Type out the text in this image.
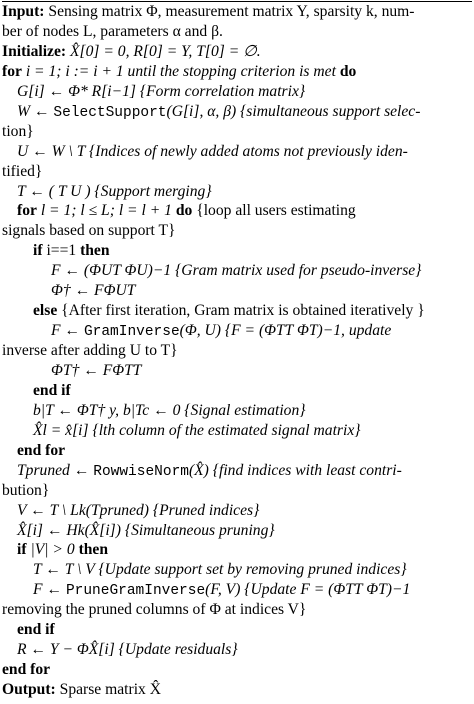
Input: Sensing matrix Φ, measurement matrix Y, sparsity k, num-
ber of nodes L, parameters α and β.
Initialize: X̂[0] = 0, R[0] = Y, T[0] = ∅.
for i = 1; i := i + 1 until the stopping criterion is met do
G[i] ← Φ* R[i−1] {Form correlation matrix}
W ← SelectSupport(G[i], α, β) {simultaneous support selec-
tion}
U ← W \ T {Indices of newly added atoms not previously iden-
tified}
T ← ( T U ) {Support merging}
for l = 1; l ≤ L; l = l + 1 do {loop all users estimating
signals based on support T}
if i==1 then
F ← (ΦUT ΦU)−1 {Gram matrix used for pseudo-inverse}
Φ† ← FΦUT
else {After first iteration, Gram matrix is obtained iteratively }
F ← GramInverse(Φ, U) {F = (ΦTT ΦT)−1, update
inverse after adding U to T}
ΦT† ← FΦTT
end if
b|T ← ΦT† y, b|Tc ← 0 {Signal estimation}
X̂l = x̂[i] {lth column of the estimated signal matrix}
end for
Tpruned ← RowwiseNorm(X̂) {find indices with least contri-
bution}
V ← T \ Lk(Tpruned) {Pruned indices}
X̂[i] ← Hk(X̂[i]) {Simultaneous pruning}
if |V| > 0 then
T ← T \ V {Update support set by removing pruned indices}
F ← PruneGramInverse(F, V) {Update F = (ΦTT ΦT)−1
removing the pruned columns of Φ at indices V}
end if
R ← Y − ΦX̂[i] {Update residuals}
end for
Output: Sparse matrix X̂
